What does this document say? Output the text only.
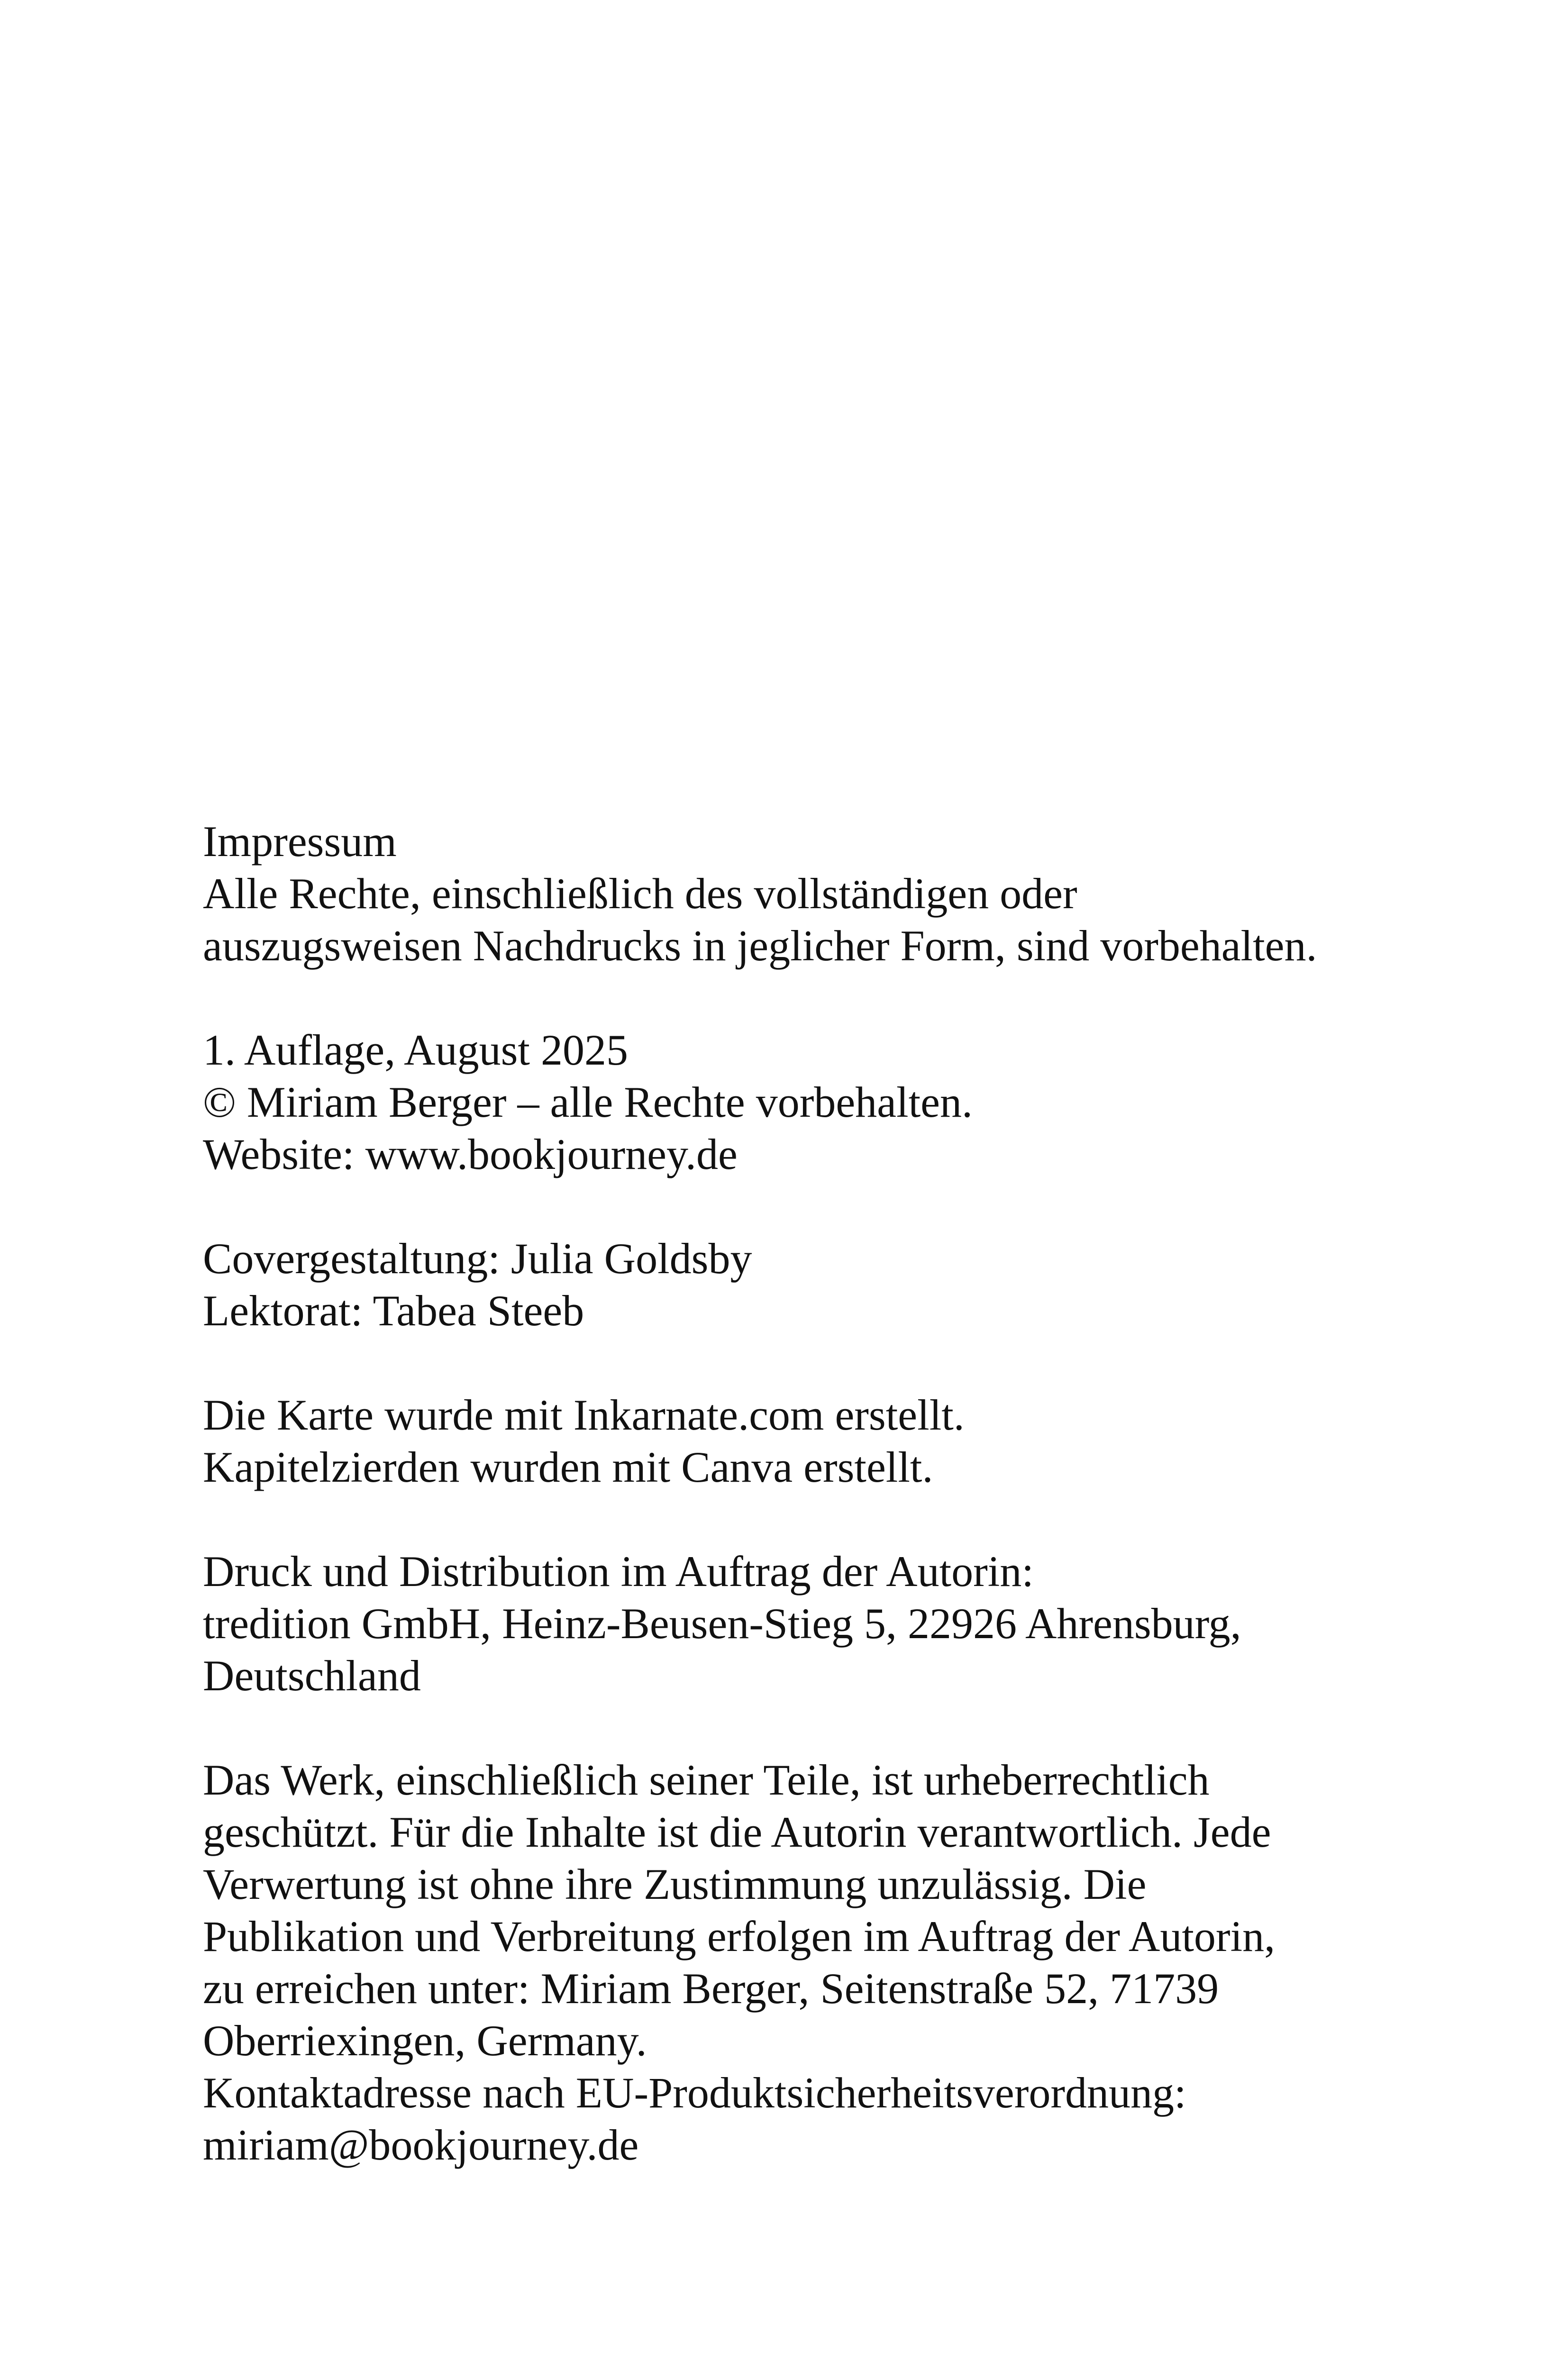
Impressum
Alle Rechte, einschließlich des vollständigen oder
auszugsweisen Nachdrucks in jeglicher Form, sind vorbehalten.
1. Auflage, August 2025
© Miriam Berger – alle Rechte vorbehalten.
Website: www.bookjourney.de
Covergestaltung: Julia Goldsby
Lektorat: Tabea Steeb
Die Karte wurde mit Inkarnate.com erstellt.
Kapitelzierden wurden mit Canva erstellt.
Druck und Distribution im Auftrag der Autorin:
tredition GmbH, Heinz-Beusen-Stieg 5, 22926 Ahrensburg,
Deutschland
Das Werk, einschließlich seiner Teile, ist urheberrechtlich
geschützt. Für die Inhalte ist die Autorin verantwortlich. Jede
Verwertung ist ohne ihre Zustimmung unzulässig. Die
Publikation und Verbreitung erfolgen im Auftrag der Autorin,
zu erreichen unter: Miriam Berger, Seitenstraße 52, 71739
Oberriexingen, Germany.
Kontaktadresse nach EU-Produktsicherheitsverordnung:
miriam@bookjourney.de
